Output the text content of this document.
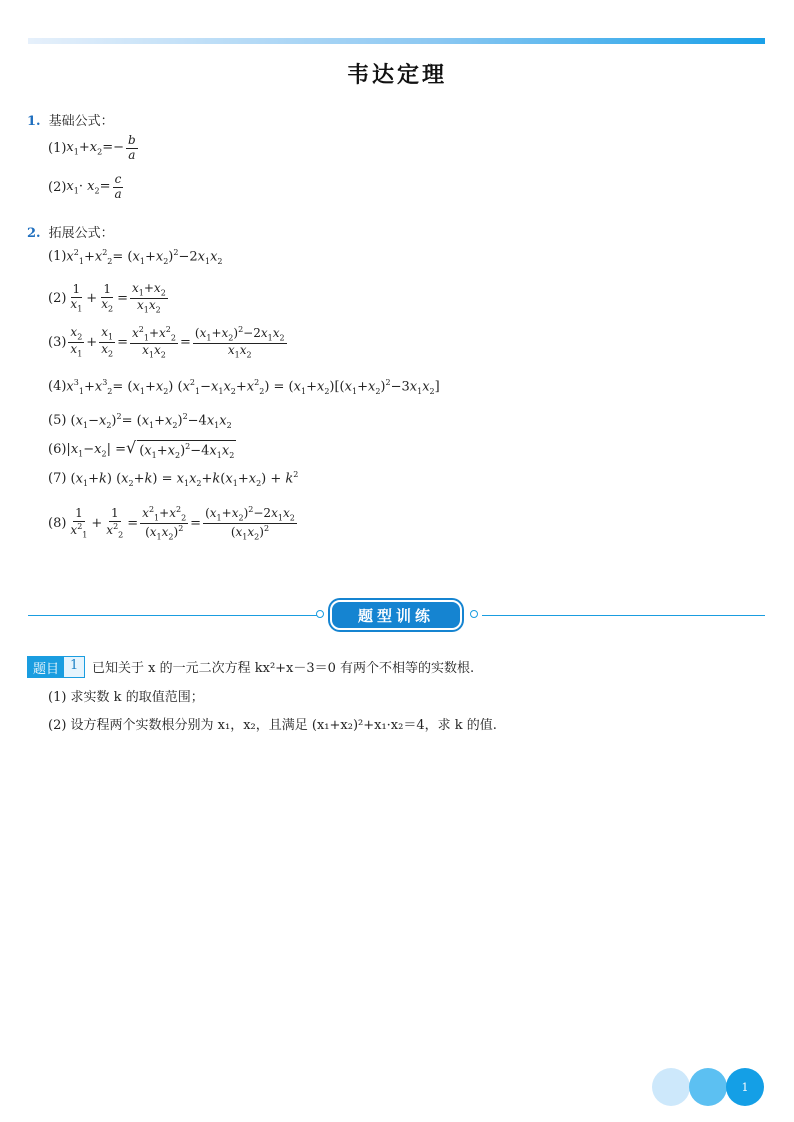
韦达定理
1. 基础公式：
(1) $x_1+x_2=- \frac{b}{a}$
(2) $x_1\cdot x_2= \frac{c}{a}$
2. 拓展公式：
(1) $x^2_1+x^2_2= (x_1+x_2)^2-2x_1x_2$
$(2) \frac{1}{x_1} + \frac{1}{x_2} = \frac{x_1+x_2}{x_1x_2}$
$(3) \frac{x_2}{x_1} + \frac{x_1}{x_2} = \frac{x^2_1+x^2_2}{x_1x_2} = \frac{(x_1+x_2)^2-2x_1x_2}{x_1x_2}$
(4) $x^3_1+x^3_2= (x_1+x_2) (x^2_1-x_1x_2+x^2_2) = (x_1+x_2)[(x_1+x_2)^2-3x_1x_2]$
(5) $(x_1-x_2)^2= (x_1+x_2)^2-4x_1x_2$
(6) $|x_1-x_2|$ = √ $(x_1+x_2)^2-4x_1x_2$
(7) $(x_1+k) (x_2+k) = x_1x_2+k(x_1+x_2) + k^2$
$(8) \frac{1}{x^2_1} + \frac{1}{x^2_2} = \frac{x^2_1+x^2_2}{(x_1x_2)^2} = \frac{(x_1+x_2)^2-2x_1x_2}{(x_1x_2)^2}$
题型训练
题目 1	已知关于 x 的一元二次方程 kx²+x－3＝0 有两个不相等的实数根.
(1) 求实数 k 的取值范围；
(2) 设方程两个实数根分别为 x₁，x₂，且满足 (x₁+x₂)²+x₁·x₂＝4，求 k 的值.
1
